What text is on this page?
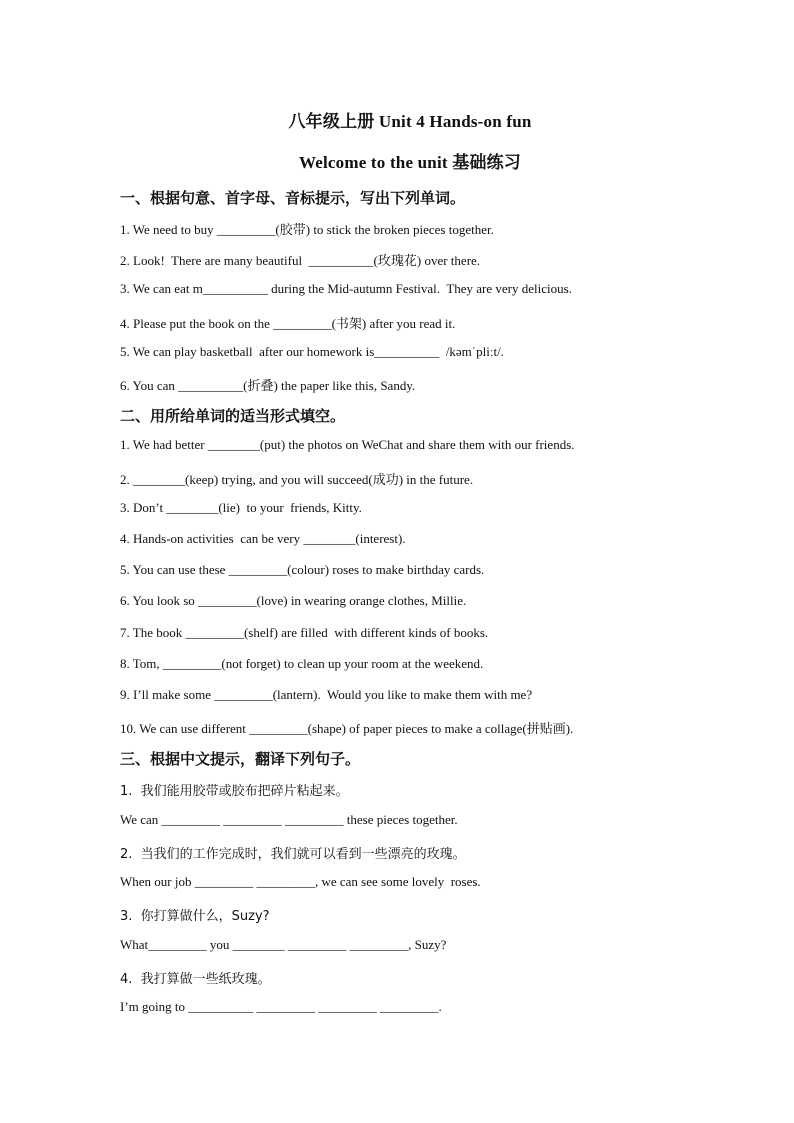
八年级上册 Unit 4 Hands-on fun
Welcome to the unit 基础练习
一、根据句意、首字母、音标提示，写出下列单词。
1. We need to buy _________(胶带) to stick the broken pieces together.
2. Look!  There are many beautiful  __________(玫瑰花) over there.
3. We can eat m__________ during the Mid-autumn Festival.  They are very delicious.
4. Please put the book on the _________(书架) after you read it.
5. We can play basketball  after our homework is__________  /kəmˈpliːt/.
6. You can __________(折叠) the paper like this, Sandy.
二、用所给单词的适当形式填空。
1. We had better ________(put) the photos on WeChat and share them with our friends.
2. ________(keep) trying, and you will succeed(成功) in the future.
3. Don’t ________(lie)  to your  friends, Kitty.
4. Hands-on activities  can be very ________(interest).
5. You can use these _________(colour) roses to make birthday cards.
6. You look so _________(love) in wearing orange clothes, Millie.
7. The book _________(shelf) are filled  with different kinds of books.
8. Tom, _________(not forget) to clean up your room at the weekend.
9. I’ll make some _________(lantern).  Would you like to make them with me?
10. We can use different _________(shape) of paper pieces to make a collage(拼贴画).
三、根据中文提示，翻译下列句子。
1.  我们能用胶带或胶布把碎片粘起来。
We can _________ _________ _________ these pieces together.
2.  当我们的工作完成时，我们就可以看到一些漂亮的玫瑰。
When our job _________ _________, we can see some lovely  roses.
3.  你打算做什么，Suzy?
What_________ you ________ _________ _________, Suzy?
4.  我打算做一些纸玫瑰。
I’m going to __________ _________ _________ _________.
